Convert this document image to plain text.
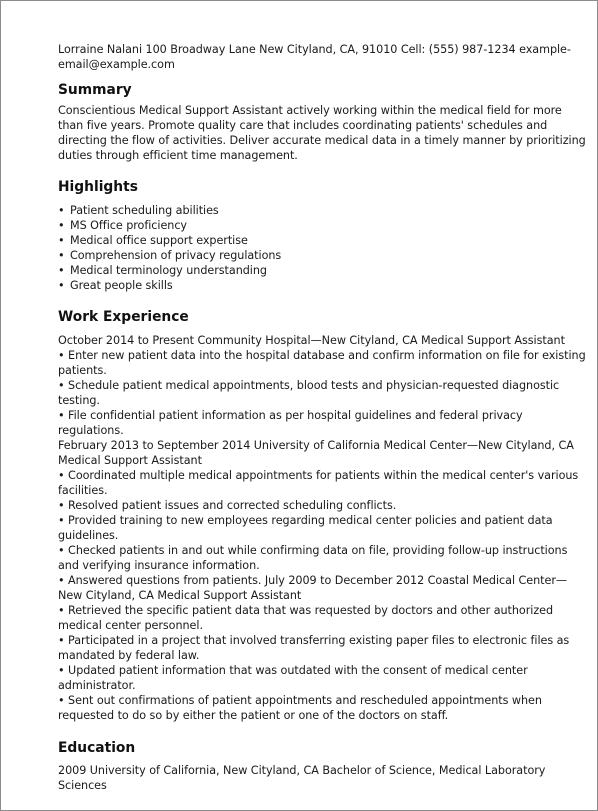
Lorraine Nalani 100 Broadway Lane New Cityland, CA, 91010 Cell: (555) 987-1234 example-email@example.com

Summary

Conscientious Medical Support Assistant actively working within the medical field for more than five years. Promote quality care that includes coordinating patients' schedules and directing the flow of activities. Deliver accurate medical data in a timely manner by prioritizing duties through efficient time management.

Highlights
• Patient scheduling abilities
• MS Office proficiency
• Medical office support expertise
• Comprehension of privacy regulations
• Medical terminology understanding
• Great people skills
Work Experience

October 2014 to Present Community Hospital—New Cityland, CA Medical Support Assistant

• Enter new patient data into the hospital database and confirm information on file for existing patients.

• Schedule patient medical appointments, blood tests and physician-requested diagnostic testing.

• File confidential patient information as per hospital guidelines and federal privacy regulations.

February 2013 to September 2014 University of California Medical Center—New Cityland, CA Medical Support Assistant

• Coordinated multiple medical appointments for patients within the medical center's various facilities.

• Resolved patient issues and corrected scheduling conflicts.

• Provided training to new employees regarding medical center policies and patient data guidelines.

• Checked patients in and out while confirming data on file, providing follow-up instructions and verifying insurance information.

• Answered questions from patients. July 2009 to December 2012 Coastal Medical Center—New Cityland, CA Medical Support Assistant

• Retrieved the specific patient data that was requested by doctors and other authorized medical center personnel.

• Participated in a project that involved transferring existing paper files to electronic files as mandated by federal law.

• Updated patient information that was outdated with the consent of medical center administrator.

• Sent out confirmations of patient appointments and rescheduled appointments when requested to do so by either the patient or one of the doctors on staff.

Education

2009 University of California, New Cityland, CA Bachelor of Science, Medical Laboratory Sciences
